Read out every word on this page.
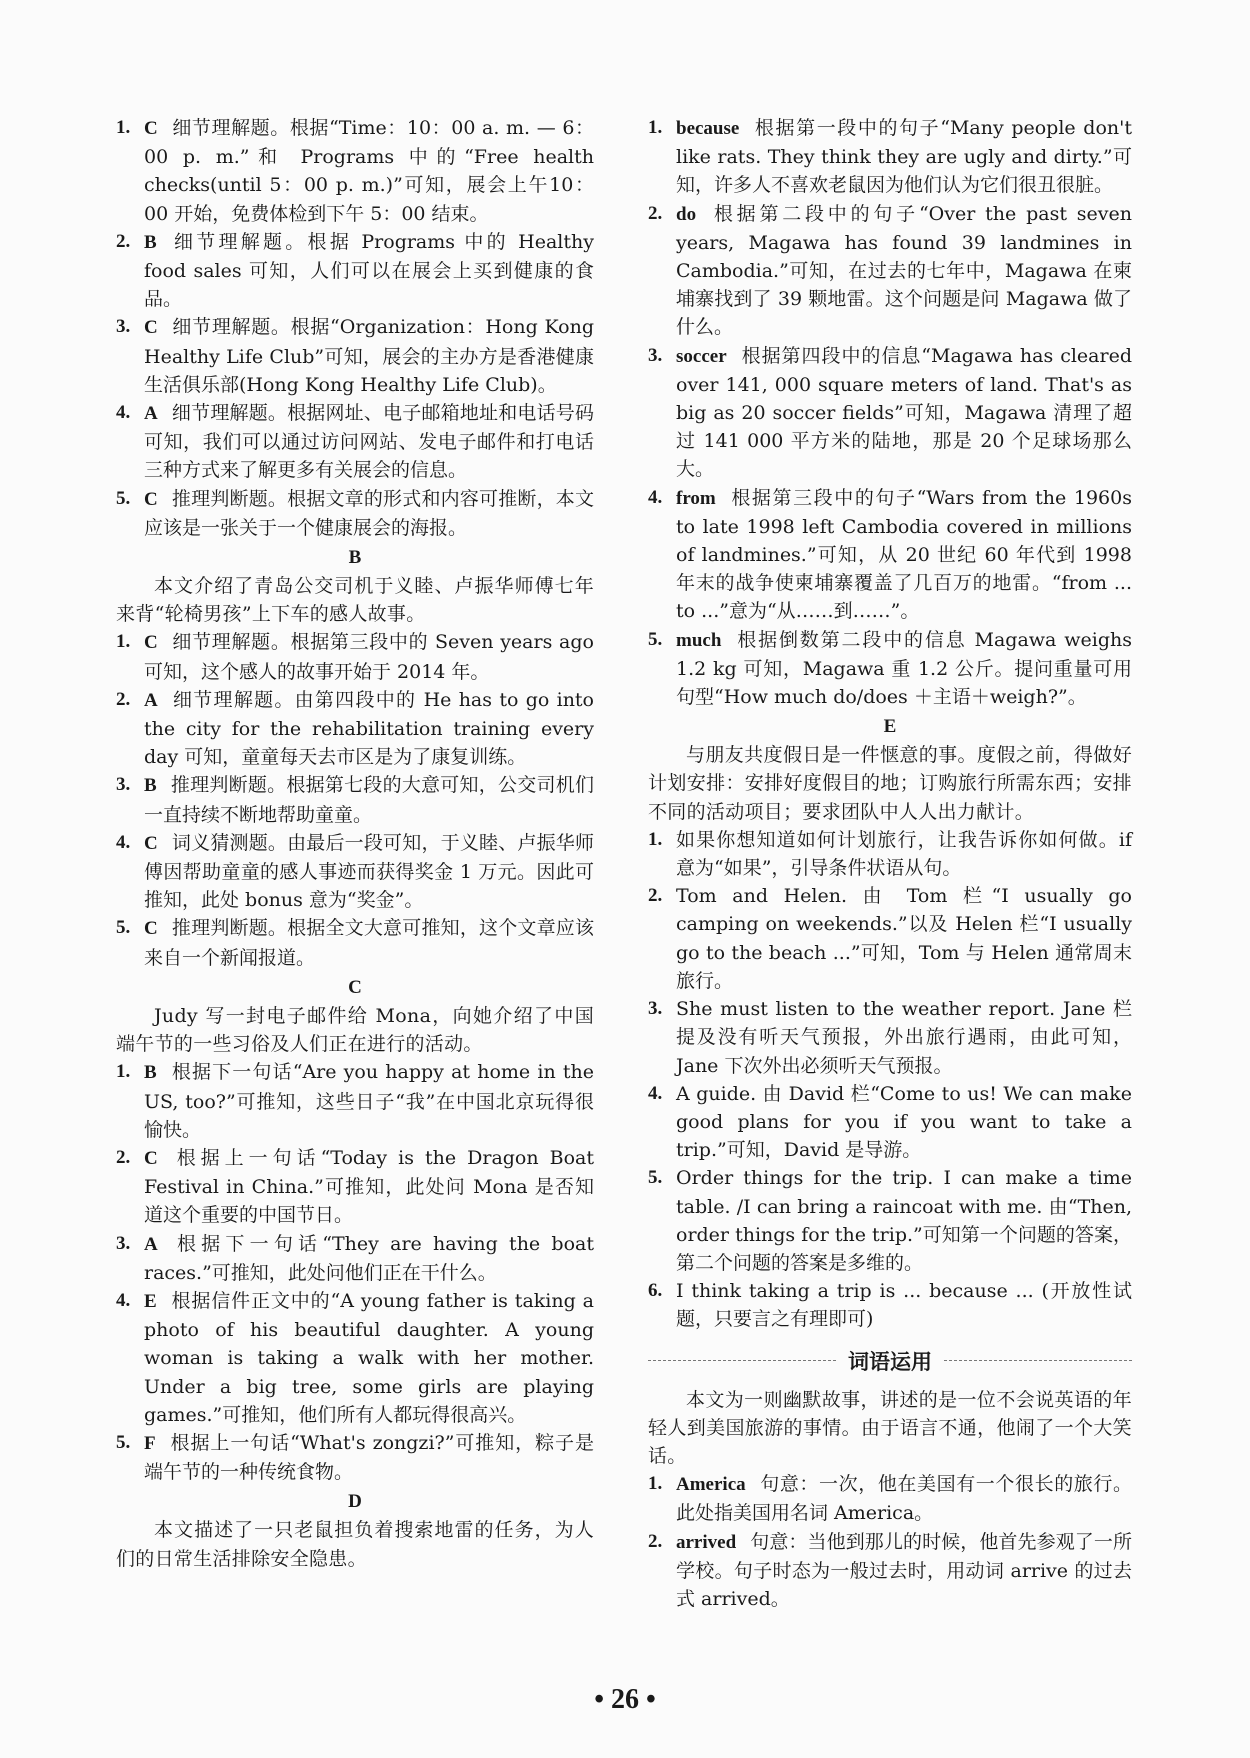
1. C 细节理解题。根据“Time：10：00 a. m. — 6：00 p. m.”和 Programs 中的“Free health checks(until 5：00 p. m.)”可知，展会上午10：00 开始，免费体检到下午 5：00 结束。
2. B 细节理解题。根据 Programs 中的 Healthy food sales 可知，人们可以在展会上买到健康的食品。
3. C 细节理解题。根据“Organization：Hong Kong Healthy Life Club”可知，展会的主办方是香港健康生活俱乐部(Hong Kong Healthy Life Club)。
4. A 细节理解题。根据网址、电子邮箱地址和电话号码可知，我们可以通过访问网站、发电子邮件和打电话三种方式来了解更多有关展会的信息。
5. C 推理判断题。根据文章的形式和内容可推断，本文应该是一张关于一个健康展会的海报。
B
本文介绍了青岛公交司机于义睦、卢振华师傅七年来背“轮椅男孩”上下车的感人故事。
1. C 细节理解题。根据第三段中的 Seven years ago 可知，这个感人的故事开始于 2014 年。
2. A 细节理解题。由第四段中的 He has to go into the city for the rehabilitation training every day 可知，童童每天去市区是为了康复训练。
3. B 推理判断题。根据第七段的大意可知，公交司机们一直持续不断地帮助童童。
4. C 词义猜测题。由最后一段可知，于义睦、卢振华师傅因帮助童童的感人事迹而获得奖金 1 万元。因此可推知，此处 bonus 意为“奖金”。
5. C 推理判断题。根据全文大意可推知，这个文章应该来自一个新闻报道。
C
Judy 写一封电子邮件给 Mona，向她介绍了中国端午节的一些习俗及人们正在进行的活动。
1. B 根据下一句话“Are you happy at home in the US, too?”可推知，这些日子“我”在中国北京玩得很愉快。
2. C 根据上一句话“Today is the Dragon Boat Festival in China.”可推知，此处问 Mona 是否知道这个重要的中国节日。
3. A 根据下一句话“They are having the boat races.”可推知，此处问他们正在干什么。
4. E 根据信件正文中的“A young father is taking a photo of his beautiful daughter. A young woman is taking a walk with her mother. Under a big tree, some girls are playing games.”可推知，他们所有人都玩得很高兴。
5. F 根据上一句话“What's zongzi?”可推知，粽子是端午节的一种传统食物。
D
本文描述了一只老鼠担负着搜索地雷的任务，为人们的日常生活排除安全隐患。
1. because 根据第一段中的句子“Many people don't like rats. They think they are ugly and dirty.”可知，许多人不喜欢老鼠因为他们认为它们很丑很脏。
2. do 根据第二段中的句子“Over the past seven years, Magawa has found 39 landmines in Cambodia.”可知，在过去的七年中，Magawa 在柬埔寨找到了 39 颗地雷。这个问题是问 Magawa 做了什么。
3. soccer 根据第四段中的信息“Magawa has cleared over 141, 000 square meters of land. That's as big as 20 soccer fields”可知，Magawa 清理了超过 141 000 平方米的陆地，那是 20 个足球场那么大。
4. from 根据第三段中的句子“Wars from the 1960s to late 1998 left Cambodia covered in millions of landmines.”可知，从 20 世纪 60 年代到 1998 年末的战争使柬埔寨覆盖了几百万的地雷。“from ... to ...”意为“从……到……”。
5. much 根据倒数第二段中的信息 Magawa weighs 1.2 kg 可知，Magawa 重 1.2 公斤。提问重量可用句型“How much do/does ＋主语＋weigh?”。
E
与朋友共度假日是一件惬意的事。度假之前，得做好计划安排：安排好度假目的地；订购旅行所需东西；安排不同的活动项目；要求团队中人人出力献计。
1. 如果你想知道如何计划旅行，让我告诉你如何做。if 意为“如果”，引导条件状语从句。
2. Tom and Helen. 由 Tom 栏“I usually go camping on weekends.”以及 Helen 栏“I usually go to the beach ...”可知，Tom 与 Helen 通常周末旅行。
3. She must listen to the weather report. Jane 栏提及没有听天气预报，外出旅行遇雨，由此可知，Jane 下次外出必须听天气预报。
4. A guide. 由 David 栏“Come to us! We can make good plans for you if you want to take a trip.”可知，David 是导游。
5. Order things for the trip. I can make a time table. /I can bring a raincoat with me. 由“Then, order things for the trip.”可知第一个问题的答案，第二个问题的答案是多维的。
6. I think taking a trip is ... because ... (开放性试题，只要言之有理即可)
词语运用
本文为一则幽默故事，讲述的是一位不会说英语的年轻人到美国旅游的事情。由于语言不通，他闹了一个大笑话。
1. America 句意：一次，他在美国有一个很长的旅行。此处指美国用名词 America。
2. arrived 句意：当他到那儿的时候，他首先参观了一所学校。句子时态为一般过去时，用动词 arrive 的过去式 arrived。
• 26 •
